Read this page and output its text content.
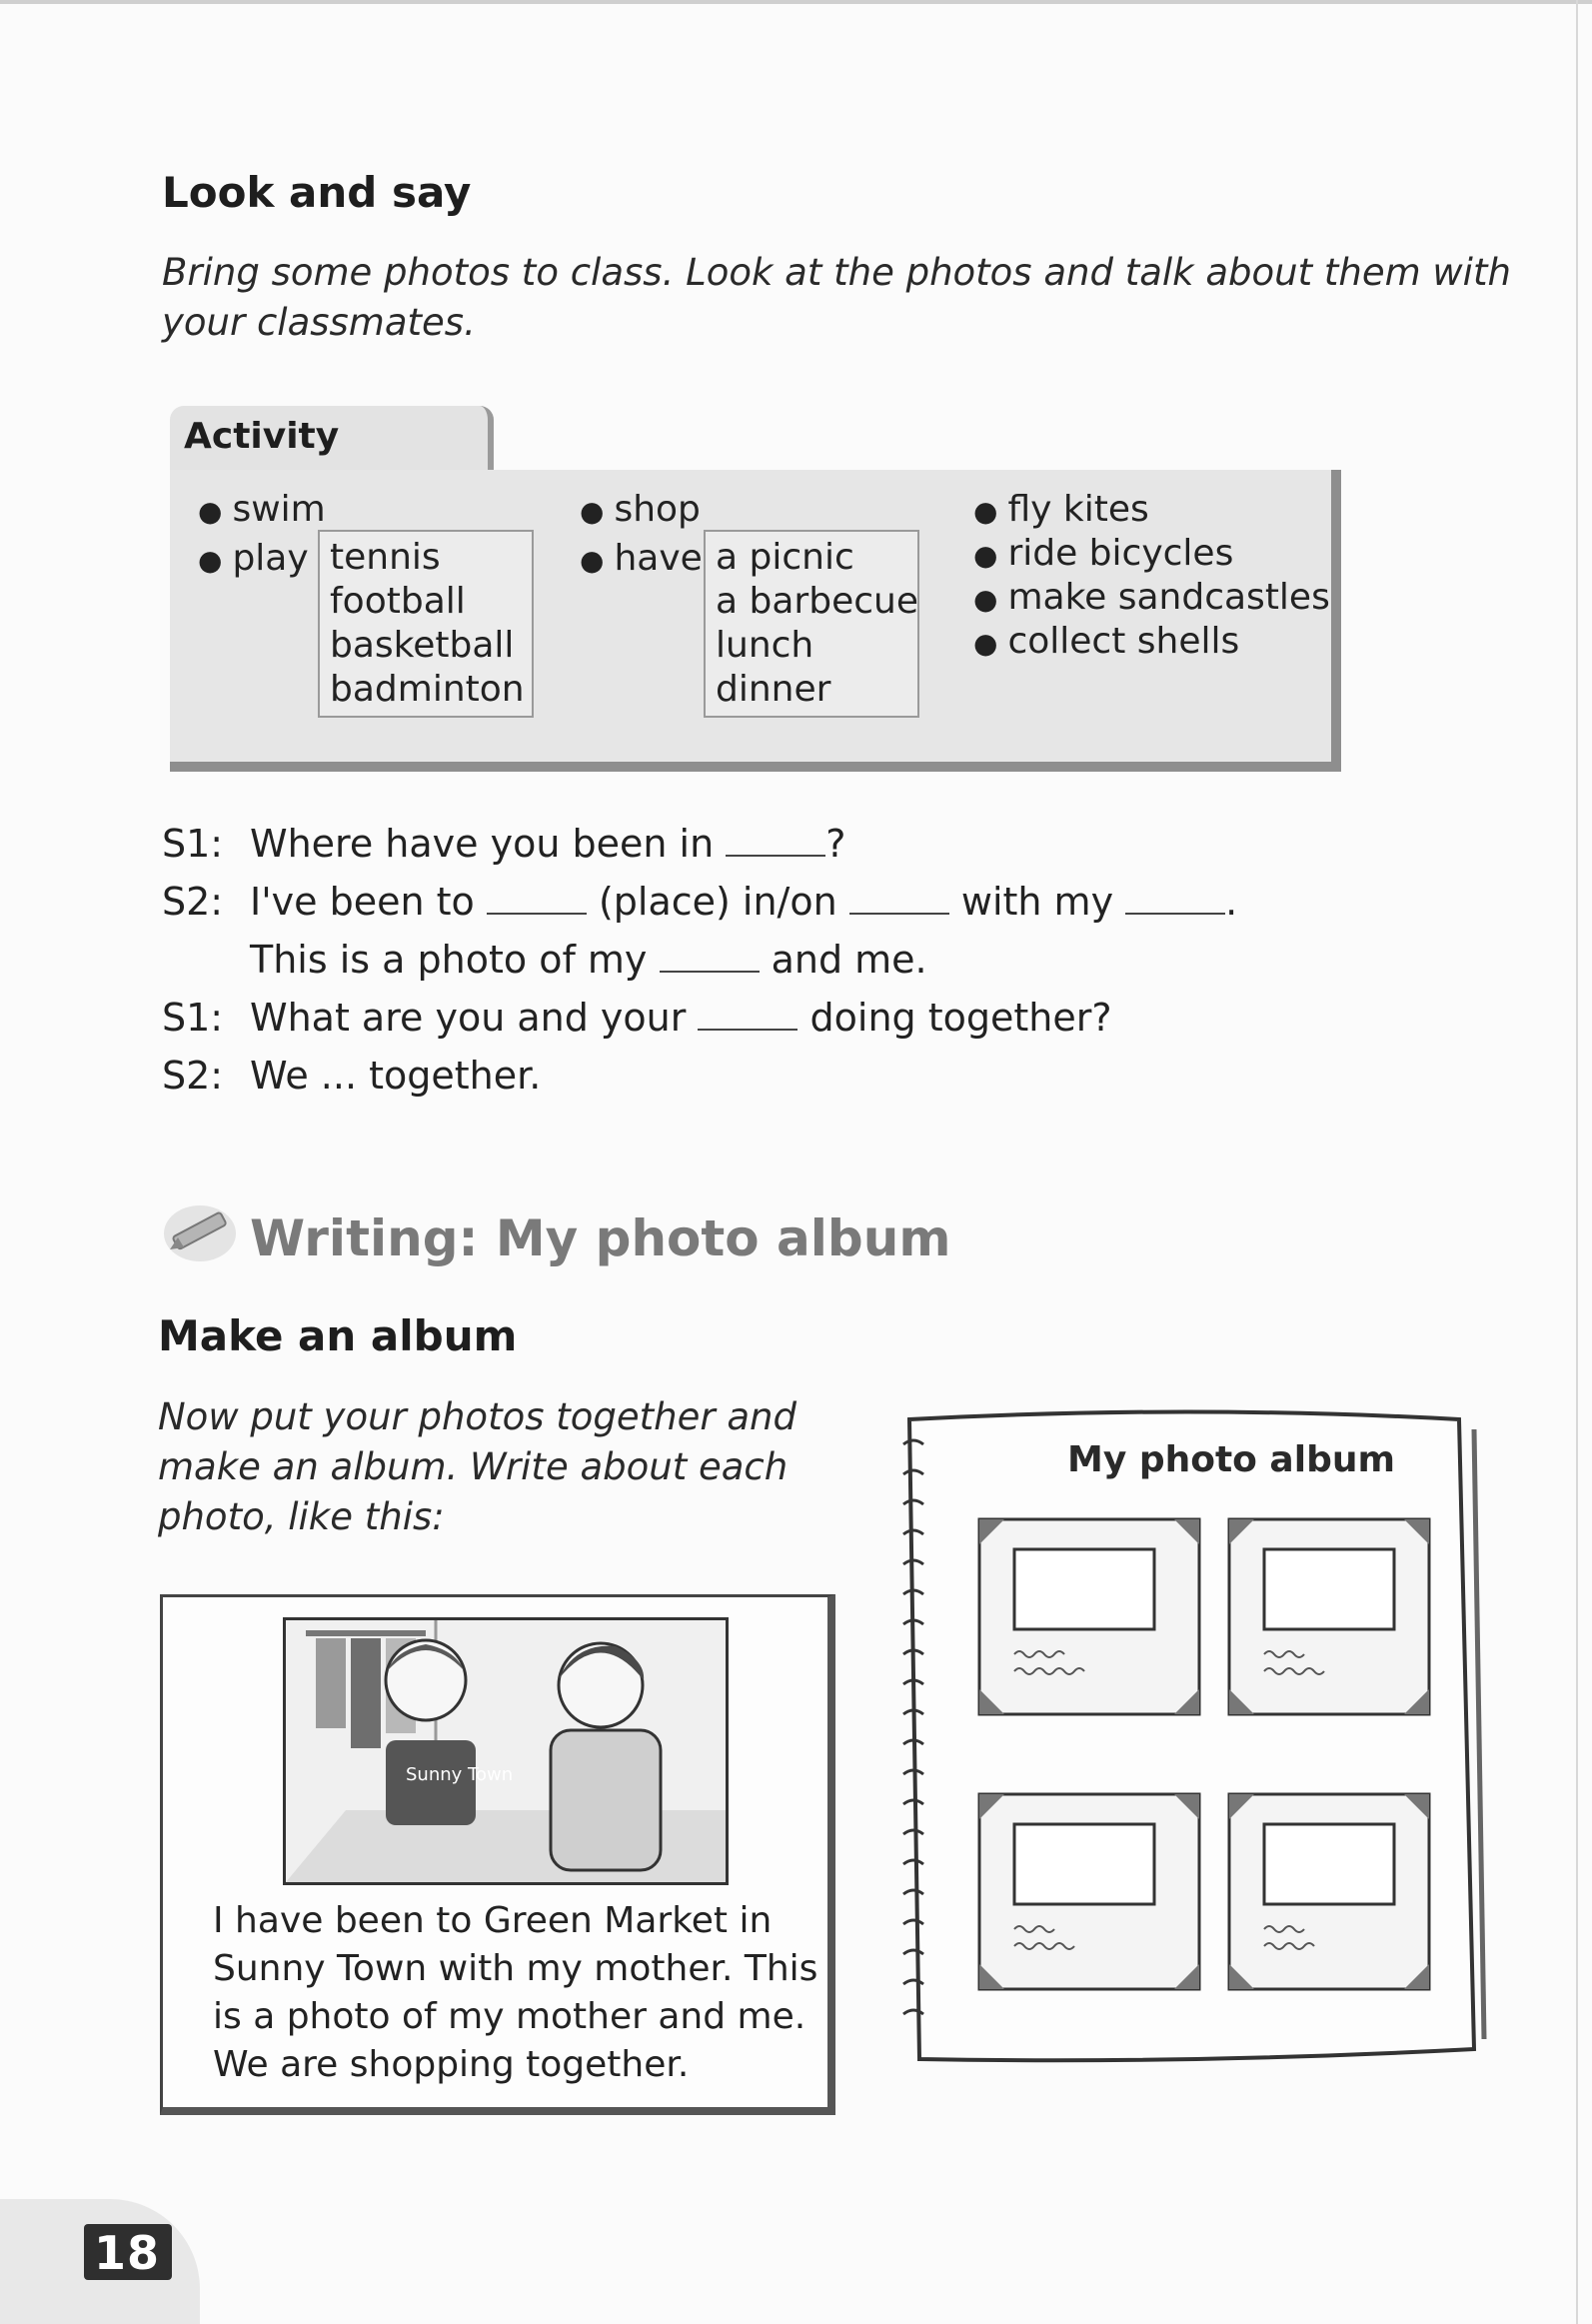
Look and say
Bring some photos to class. Look at the photos and talk about them with
your classmates.
Activity
● swim
● play tennis
football
basketball
badminton
● shop
● have a picnic
a barbecue
lunch
dinner
● fly kites
● ride bicycles
● make sandcastles
● collect shells
S1: Where have you been in	?
S2: I've been to	(place) in/on	with my	.
This is a photo of my	and me.
S1: What are you and your	doing together?
S2: We ... together.
Writing: My photo album
Make an album
Now put your photos together and
make an album. Write about each
photo, like this:
Sunny Town
I have been to Green Market in
Sunny Town with my mother. This
is a photo of my mother and me.
We are shopping together.
My photo album
18
